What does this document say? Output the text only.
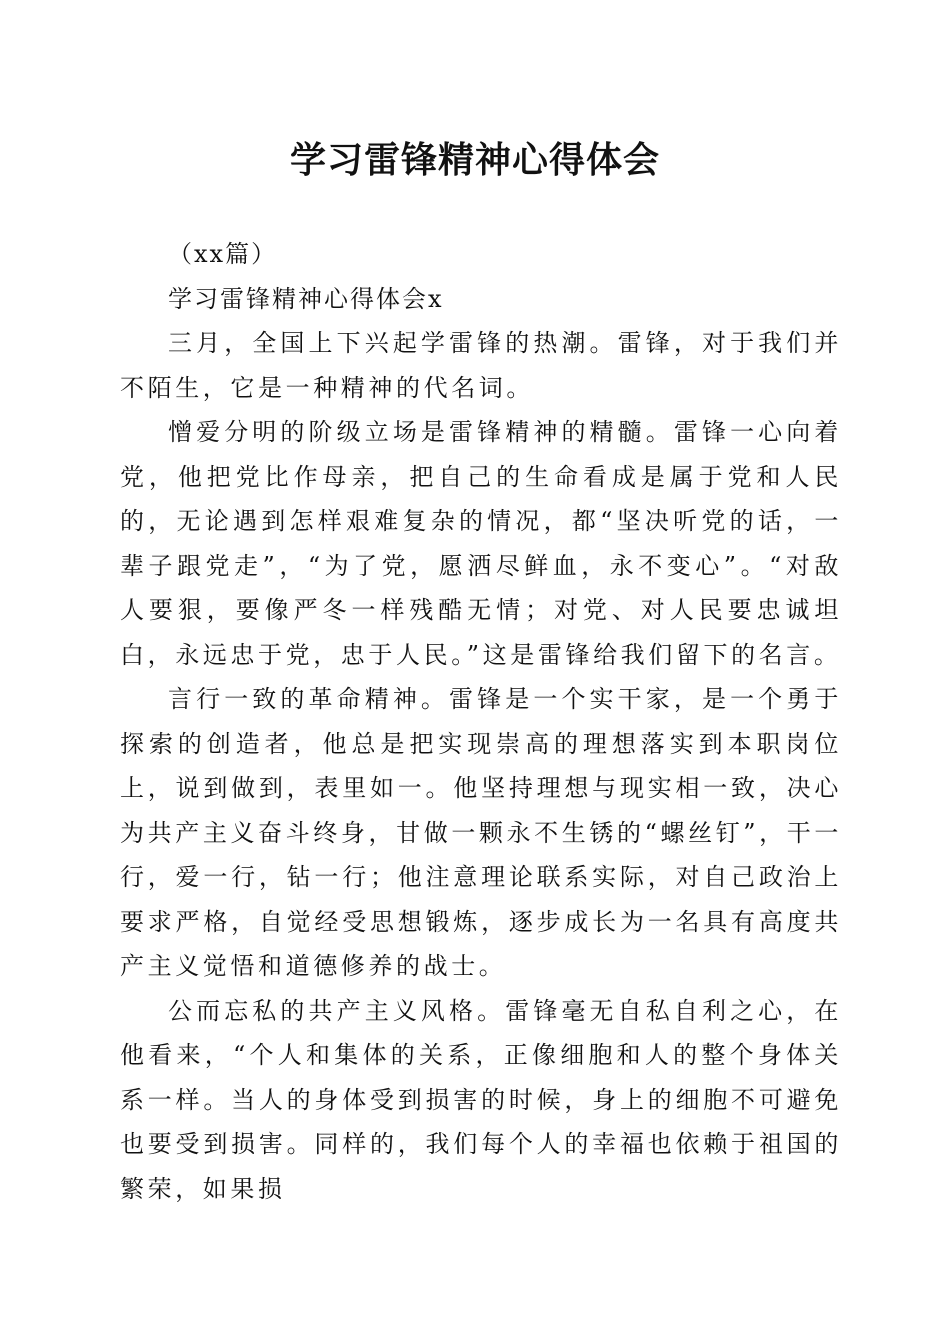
学习雷锋精神心得体会

（xx篇）

学习雷锋精神心得体会x

三月，全国上下兴起学雷锋的热潮。雷锋，对于我们并不陌生，它是一种精神的代名词。

憎爱分明的阶级立场是雷锋精神的精髓。雷锋一心向着党，他把党比作母亲，把自己的生命看成是属于党和人民的，无论遇到怎样艰难复杂的情况，都“坚决听党的话，一辈子跟党走”，“为了党，愿洒尽鲜血，永不变心”。“对敌人要狠，要像严冬一样残酷无情；对党、对人民要忠诚坦白，永远忠于党，忠于人民。”这是雷锋给我们留下的名言。

言行一致的革命精神。雷锋是一个实干家，是一个勇于探索的创造者，他总是把实现崇高的理想落实到本职岗位上，说到做到，表里如一。他坚持理想与现实相一致，决心为共产主义奋斗终身，甘做一颗永不生锈的“螺丝钉”，干一行，爱一行，钻一行；他注意理论联系实际，对自己政治上要求严格，自觉经受思想锻炼，逐步成长为一名具有高度共产主义觉悟和道德修养的战士。

公而忘私的共产主义风格。雷锋毫无自私自利之心，在他看来，“个人和集体的关系，正像细胞和人的整个身体关系一样。当人的身体受到损害的时候，身上的细胞不可避免也要受到损害。同样的，我们每个人的幸福也依赖于祖国的繁荣，如果损
